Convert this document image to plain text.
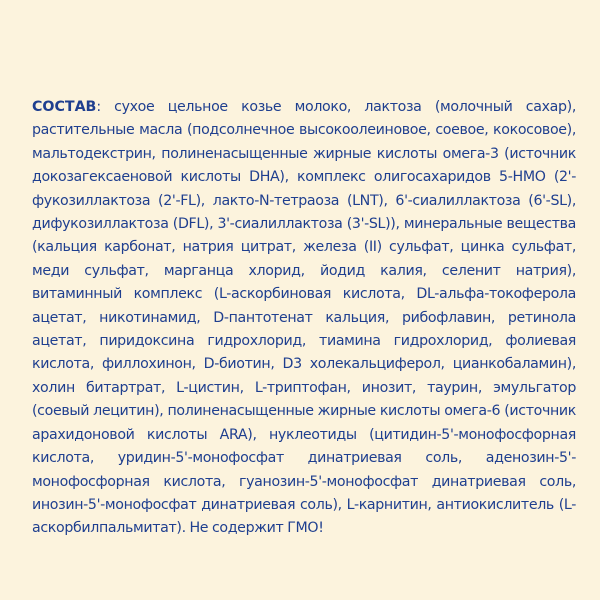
СОСТАВ: сухое цельное козье молоко, лактоза (молочный сахар), растительные масла (подсолнечное высокоолеиновое, соевое, кокосовое), мальтодекстрин, полиненасыщенные жирные кислоты омега-3 (источник докозагексаеновой кислоты DHA), комплекс олигосахаридов 5-HMO (2'-фукозиллактоза (2'-FL), лакто-N-тетраоза (LNT), 6'-сиалиллактоза (6'-SL), дифукозиллактоза (DFL), 3'-сиалиллактоза (3'-SL)), минеральные вещества (кальция карбонат, натрия цитрат, железа (II) сульфат, цинка сульфат, меди сульфат, марганца хлорид, йодид калия, селенит натрия), витаминный комплекс (L-аскорбиновая кислота, DL-альфа-токоферола ацетат, никотинамид, D-пантотенат кальция, рибофлавин, ретинола ацетат, пиридоксина гидрохлорид, тиамина гидрохлорид, фолиевая кислота, филлохинон, D-биотин, D3 холекальциферол, цианкобаламин), холин битартрат, L-цистин, L-триптофан, инозит, таурин, эмульгатор (соевый лецитин), полиненасыщенные жирные кислоты омега-6 (источник арахидоновой кислоты ARA), нуклеотиды (цитидин-5'-монофосфорная кислота, уридин-5'-монофосфат динатриевая соль, аденозин-5'-монофосфорная кислота, гуанозин-5'-монофосфат динатриевая соль, инозин-5'-монофосфат динатриевая соль), L-карнитин, антиокислитель (L-аскорбилпальмитат). Не содержит ГМО!
